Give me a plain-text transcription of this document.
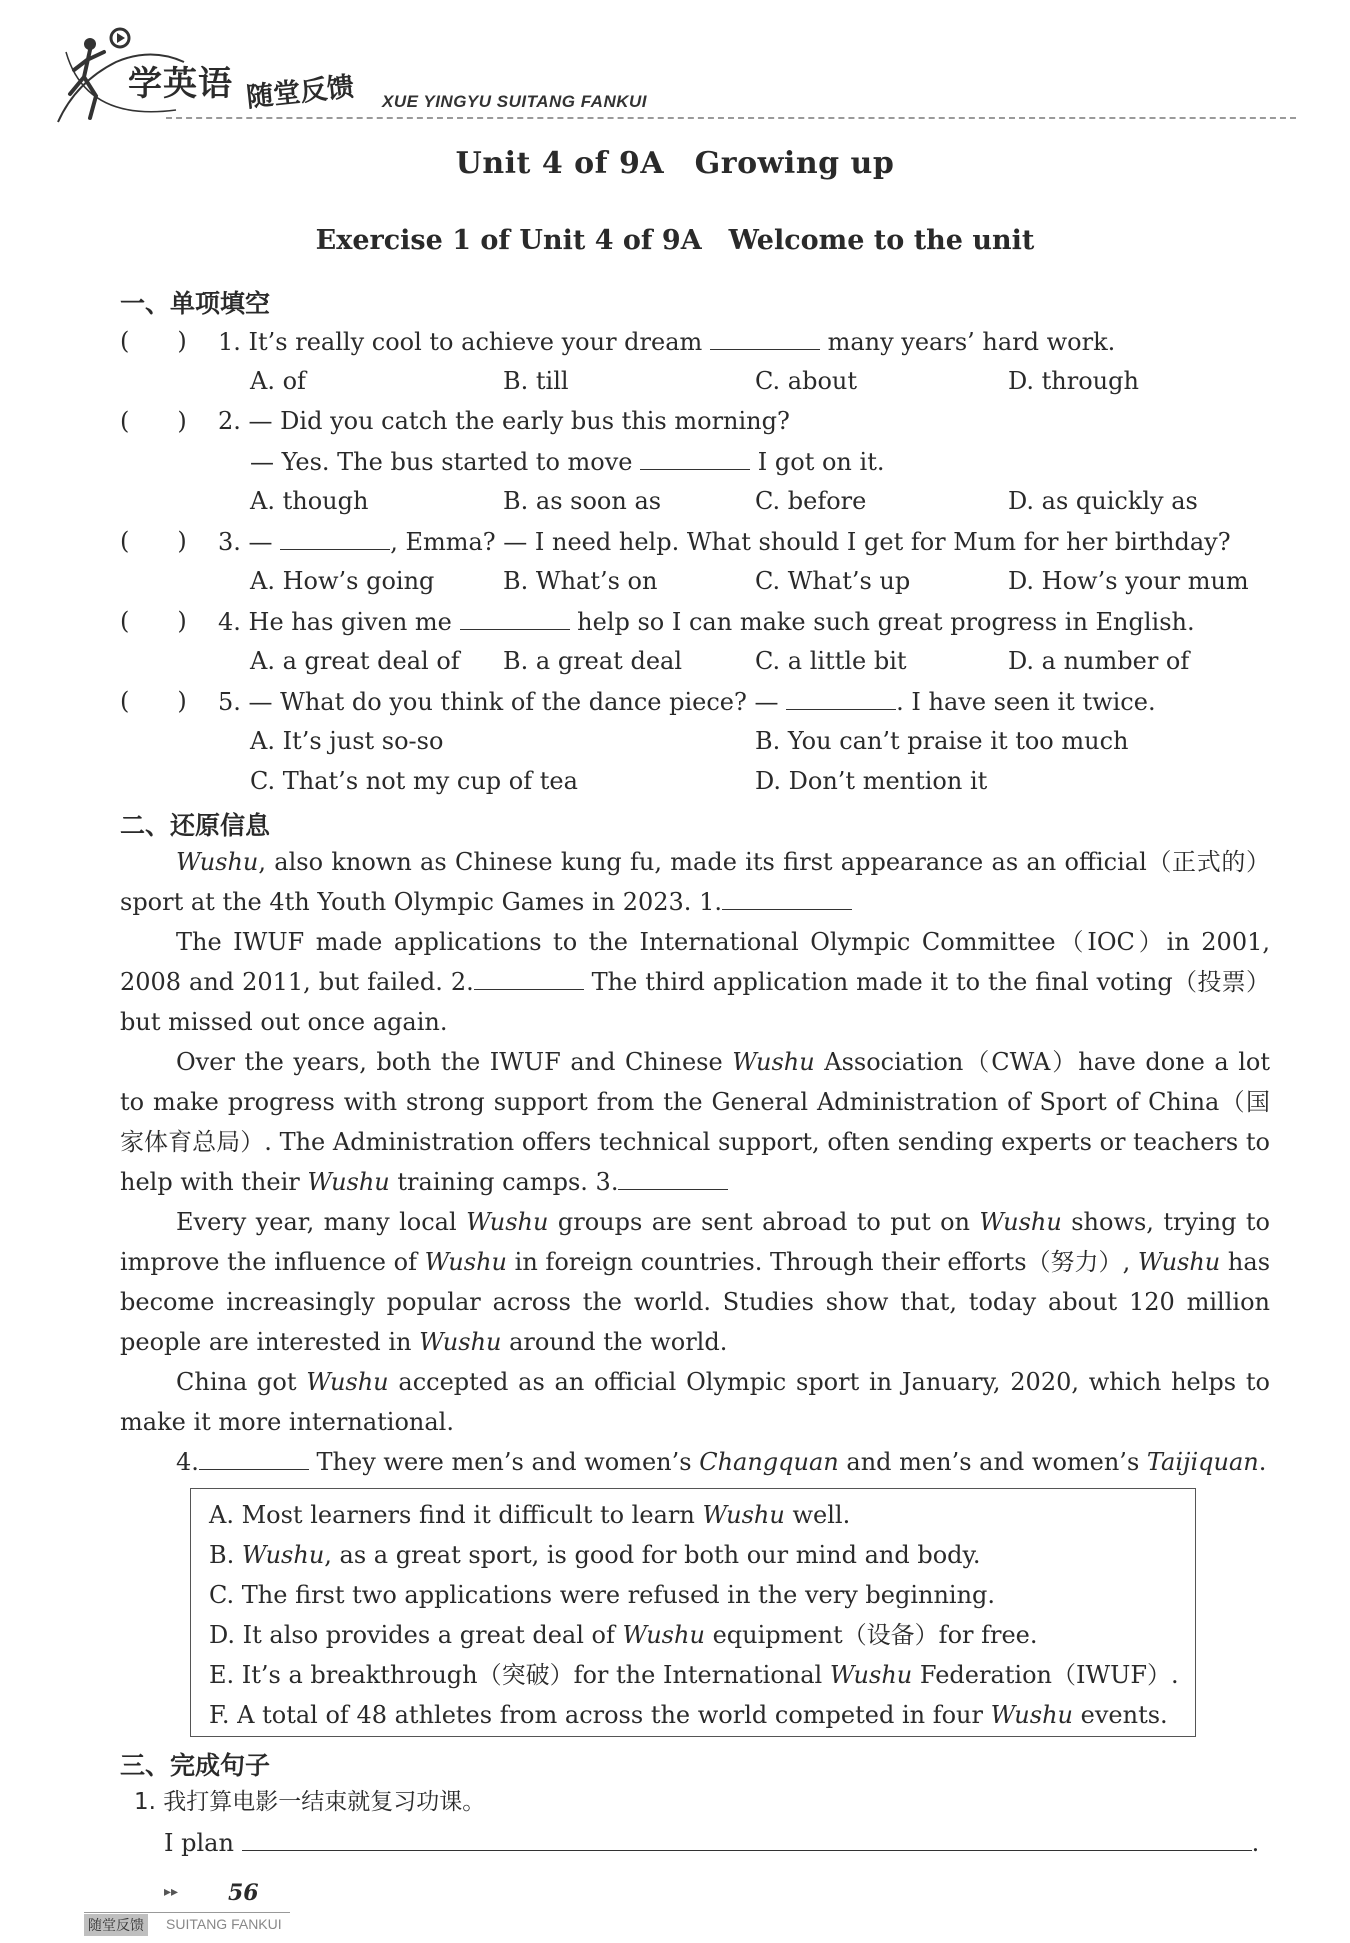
学英语 随堂反馈 XUE YINGYU SUITANG FANKUI
Unit 4 of 9A　Growing up
Exercise 1 of Unit 4 of 9A　Welcome to the unit
一、单项填空
(  ) 1. It’s really cool to achieve your dream	many years’ hard work.
A. of	B. till	C. about	D. through
(  ) 2. — Did you catch the early bus this morning?
— Yes. The bus started to move	I got on it.
A. though	B. as soon as	C. before	D. as quickly as
(  ) 3. —	, Emma? — I need help. What should I get for Mum for her birthday?
A. How’s going	B. What’s on	C. What’s up	D. How’s your mum
(  ) 4. He has given me	help so I can make such great progress in English.
A. a great deal of B. a great deal	C. a little bit	D. a number of
(  ) 5. — What do you think of the dance piece? —	. I have seen it twice.
A. It’s just so-so	B. You can’t praise it too much
C. That’s not my cup of tea	D. Don’t mention it
二、还原信息
Wushu, also known as Chinese kung fu, made its first appearance as an official（正式的）sport at the 4th Youth Olympic Games in 2023. 1.
The IWUF made applications to the International Olympic Committee（IOC）in 2001, 2008 and 2011, but failed. 2.	The third application made it to the final voting（投票）but missed out once again.
Over the years, both the IWUF and Chinese Wushu Association（CWA）have done a lot to make progress with strong support from the General Administration of Sport of China（国家体育总局）. The Administration offers technical support, often sending experts or teachers to help with their Wushu training camps. 3.
Every year, many local Wushu groups are sent abroad to put on Wushu shows, trying to improve the influence of Wushu in foreign countries. Through their efforts（努力）, Wushu has become increasingly popular across the world. Studies show that, today about 120 million people are interested in Wushu around the world.
China got Wushu accepted as an official Olympic sport in January, 2020, which helps to make it more international.
4.	They were men’s and women’s Changquan and men’s and women’s Taijiquan.
A. Most learners find it difficult to learn Wushu well.
B. Wushu, as a great sport, is good for both our mind and body.
C. The first two applications were refused in the very beginning.
D. It also provides a great deal of Wushu equipment（设备）for free.
E. It’s a breakthrough（突破）for the International Wushu Federation（IWUF）.
F. A total of 48 athletes from across the world competed in four Wushu events.
三、完成句子
1. 我打算电影一结束就复习功课。
I plan	.
▸▸ 56
随堂反馈 SUITANG FANKUI
